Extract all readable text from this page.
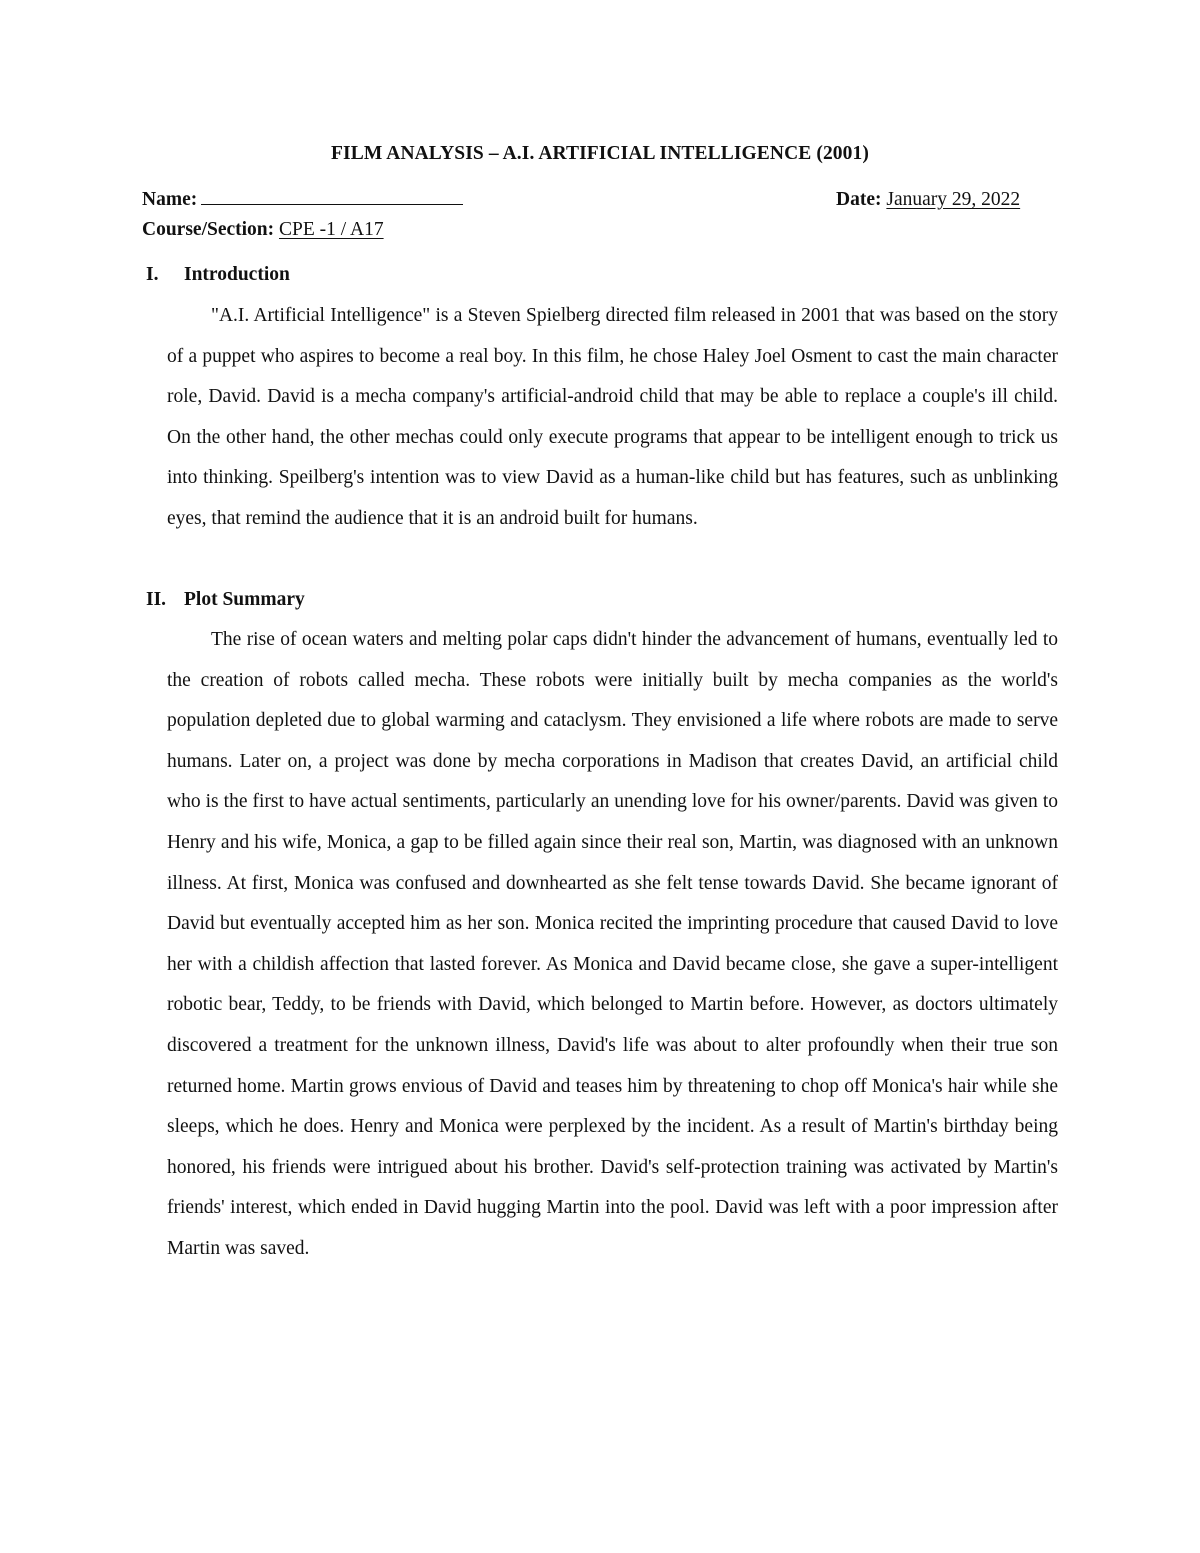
FILM ANALYSIS – A.I. ARTIFICIAL INTELLIGENCE (2001)
Name:	Date: January 29, 2022
Course/Section: CPE -1 / A17
I. Introduction

"A.I. Artificial Intelligence" is a Steven Spielberg directed film released in 2001 that was based on the story of a puppet who aspires to become a real boy. In this film, he chose Haley Joel Osment to cast the main character role, David. David is a mecha company's artificial-android child that may be able to replace a couple's ill child. On the other hand, the other mechas could only execute programs that appear to be intelligent enough to trick us into thinking. Speilberg's intention was to view David as a human-like child but has features, such as unblinking eyes, that remind the audience that it is an android built for humans.

II. Plot Summary

The rise of ocean waters and melting polar caps didn't hinder the advancement of humans, eventually led to the creation of robots called mecha. These robots were initially built by mecha companies as the world's population depleted due to global warming and cataclysm. They envisioned a life where robots are made to serve humans. Later on, a project was done by mecha corporations in Madison that creates David, an artificial child who is the first to have actual sentiments, particularly an unending love for his owner/parents. David was given to Henry and his wife, Monica, a gap to be filled again since their real son, Martin, was diagnosed with an unknown illness. At first, Monica was confused and downhearted as she felt tense towards David. She became ignorant of David but eventually accepted him as her son. Monica recited the imprinting procedure that caused David to love her with a childish affection that lasted forever. As Monica and David became close, she gave a super-intelligent robotic bear, Teddy, to be friends with David, which belonged to Martin before. However, as doctors ultimately discovered a treatment for the unknown illness, David's life was about to alter profoundly when their true son returned home. Martin grows envious of David and teases him by threatening to chop off Monica's hair while she sleeps, which he does. Henry and Monica were perplexed by the incident. As a result of Martin's birthday being honored, his friends were intrigued about his brother. David's self-protection training was activated by Martin's friends' interest, which ended in David hugging Martin into the pool. David was left with a poor impression after Martin was saved.
